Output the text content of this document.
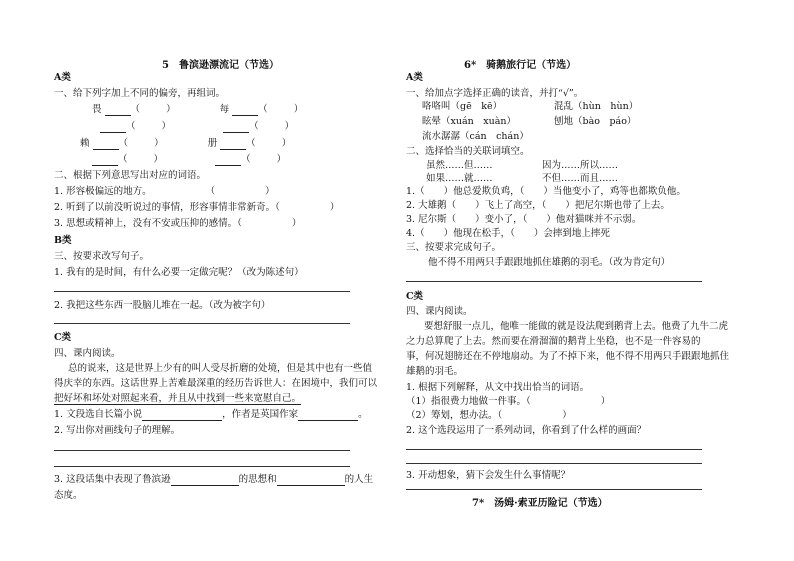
5　鲁滨逊漂流记（节选）
A类
一、给下列字加上不同的偏旁，再组词。
畏	（	）	每	（	）
（	）	（	）
赖	（	）	册	（	）
（	）	（	）
二、根据下列意思写出对应的词语。
1. 形容极偏远的地方。	（	）
2. 听到了以前没听说过的事情，形容事情非常新奇。（	）
3. 思想或精神上，没有不安或压抑的感情。（	）
B类
三、按要求改写句子。
1. 我有的是时间，有什么必要一定做完呢？（改为陈述句）
2. 我把这些东西一股脑儿堆在一起。（改为被字句）
C类
四、课内阅读。
总的说来，这是世界上少有的叫人受尽折磨的处境，但是其中也有一些值
得庆幸的东西。这话世界上苦难最深重的经历告诉世人：在困境中，我们可以
把好坏和坏处对照起来看，并且从中找到一些来宽慰自己。
1. 文段选自长篇小说	，作者是英国作家	。
2. 写出你对画线句子的理解。
3. 这段话集中表现了鲁滨逊	的思想和	的人生
态度。
6*　骑鹅旅行记（节选）
A类
一、给加点字选择正确的读音，并打“√”。
咯咯叫（gē　kē）	混乱（hùn　hùn）
眩晕（xuán　xuàn）	刨地（bào　páo）
流水潺潺（cán　chán）
二、选择恰当的关联词填空。
虽然……但……	因为……所以……
如果……就……	不但……而且……
1.（　　）他总爱欺负鸡，（　　）当他变小了，鸡等也都欺负他。
2. 大雄鹅（　　）飞上了高空，（　　）把尼尔斯也带了上去。
3. 尼尔斯（　　）变小了，（　　）他对猫咪并不示弱。
4.（　　）他现在松手，（　　）会摔到地上摔死
三、按要求完成句子。
他不得不用两只手跟跟地抓住雄鹅的羽毛。（改为肯定句）
C类
四、课内阅读。
要想舒服一点儿，他唯一能做的就是设法爬到鹅背上去。他费了九牛二虎
之力总算爬了上去。然而要在滑溜溜的鹅背上坐稳，也不是一件容易的
事，何况翅膀还在不停地扇动。为了不掉下来，他不得不用两只手跟跟地抓住
雄鹅的羽毛。
1. 根据下列解释，从文中找出恰当的词语。
（1）指很费力地做一件事。（	）
（2）筹划，想办法。（	）
2. 这个选段运用了一系列动词，你看到了什么样的画面？
3. 开动想象，猜下会发生什么事情呢？
7*　汤姆·索亚历险记（节选）
